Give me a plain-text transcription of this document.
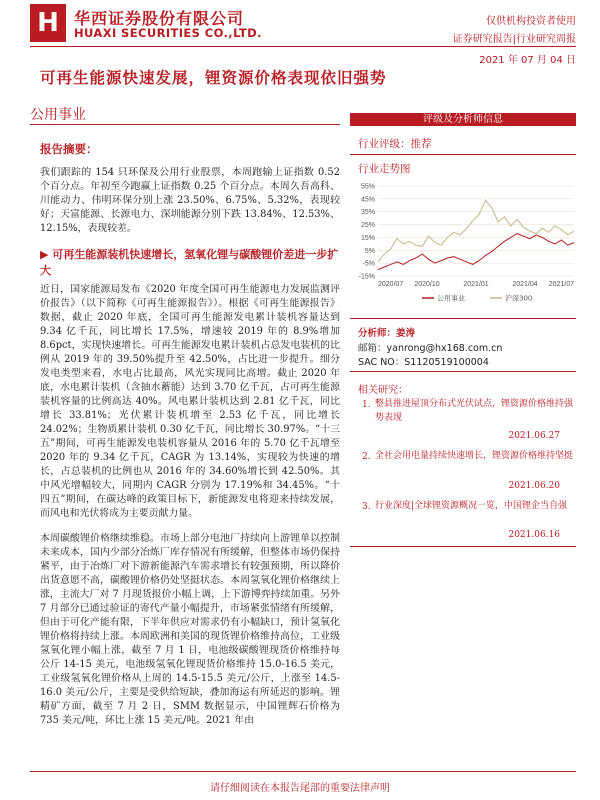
H 华西证券股份有限公司
HUAXI SECURITIES CO.,LTD.
仅供机构投资者使用
证券研究报告|行业研究周报
2021 年 07 月 04 日
可再生能源快速发展，锂资源价格表现依旧强势
公用事业	评级及分析师信息
行业评级：推荐
行业走势图
-15%
-5%
5%
15%
25%
35%
45%
55%
2020/07 2020/10	2021/01	2021/04 2021/07
公用事业	沪深300
分析师：姜涛
邮箱：yanrong@hx168.com.cn
SAC NO：S1120519100004
相关研究：
1. 整县推进屋顶分布式光伏试点，锂资源价格维持强势表现
2021.06.27
2. 全社会用电量持续快速增长，锂资源价格维持坚挺
2021.06.20
3. 行业深度|全球锂资源概况一览，中国锂企当自强
2021.06.16
报告摘要：
我们跟踪的 154 只环保及公用行业股票，本周跑输上证指数 0.52 个百分点。年初至今跑赢上证指数 0.25 个百分点。本周久吾高科、川能动力、伟明环保分别上涨 23.50%、6.75%、5.32%，表现较好；天富能源、长源电力、深圳能源分别下跌 13.84%、12.53%、12.15%，表现较差。
▶ 可再生能源装机快速增长，氢氧化锂与碳酸锂价差进一步扩大
近日，国家能源局发布《2020 年度全国可再生能源电力发展监测评价报告》（以下简称《可再生能源报告》）。根据《可再生能源报告》数据，截止 2020 年底，全国可再生能源发电累计装机容量达到 9.34 亿千瓦，同比增长 17.5%，增速较 2019 年的 8.9%增加 8.6pct，实现快速增长。可再生能源发电累计装机占总发电装机的比例从 2019 年的 39.50%提升至 42.50%，占比进一步提升。细分发电类型来看，水电占比最高，风光实现同比高增。截止 2020 年底，水电累计装机（含抽水蓄能）达到 3.70 亿千瓦，占可再生能源装机容量的比例高达 40%。风电累计装机达到 2.81 亿千瓦，同比增长 33.81%；光伏累计装机增至 2.53 亿千瓦，同比增长 24.02%；生物质累计装机 0.30 亿千瓦，同比增长 30.97%。“十三五”期间，可再生能源发电装机容量从 2016 年的 5.70 亿千瓦增至 2020 年的 9.34 亿千瓦，CAGR 为 13.14%，实现较为快速的增长，占总装机的比例也从 2016 年的 34.60%增长到 42.50%。其中风光增幅较大，同期内 CAGR 分别为 17.19%和 34.45%。“十四五”期间，在碳达峰的政策目标下，新能源发电将迎来持续发展，而风电和光伏将成为主要贡献力量。
本周碳酸锂价格继续维稳。市场上部分电池厂持续向上游锂单以控制未来成本，国内少部分冶炼厂库存情况有所缓解，但整体市场仍保持紧平，由于冶炼厂对下游新能源汽车需求增长有较强预期，所以降价出货意愿不高，碳酸锂价格仍处坚挺状态。本周氢氧化锂价格继续上涨，主流大厂对 7 月现货报价小幅上调，上下游博弈持续加重。另外 7 月部分已通过验证的寄代产量小幅提升，市场紧张情绪有所缓解，但由于可化产能有限，下半年供应对需求仍有小幅缺口，预计氢氧化锂价格将持续上涨。本周欧洲和美国的现货锂价格维持高位，工业级氢氧化锂小幅上涨，截至 7 月 1 日，电池级碳酸锂现货价格维持每公斤 14-15 美元，电池级氢氧化锂现货价格维持 15.0-16.5 美元，工业级氢氧化锂价格从上周的 14.5-15.5 美元/公斤，上涨至 14.5-16.0 美元/公斤，主要是受供给短缺，叠加海运有所延迟的影响。锂精矿方面，截至 7 月 2 日，SMM 数据显示，中国锂辉石价格为 735 美元/吨，环比上涨 15 美元/吨。2021 年由
请仔细阅读在本报告尾部的重要法律声明
